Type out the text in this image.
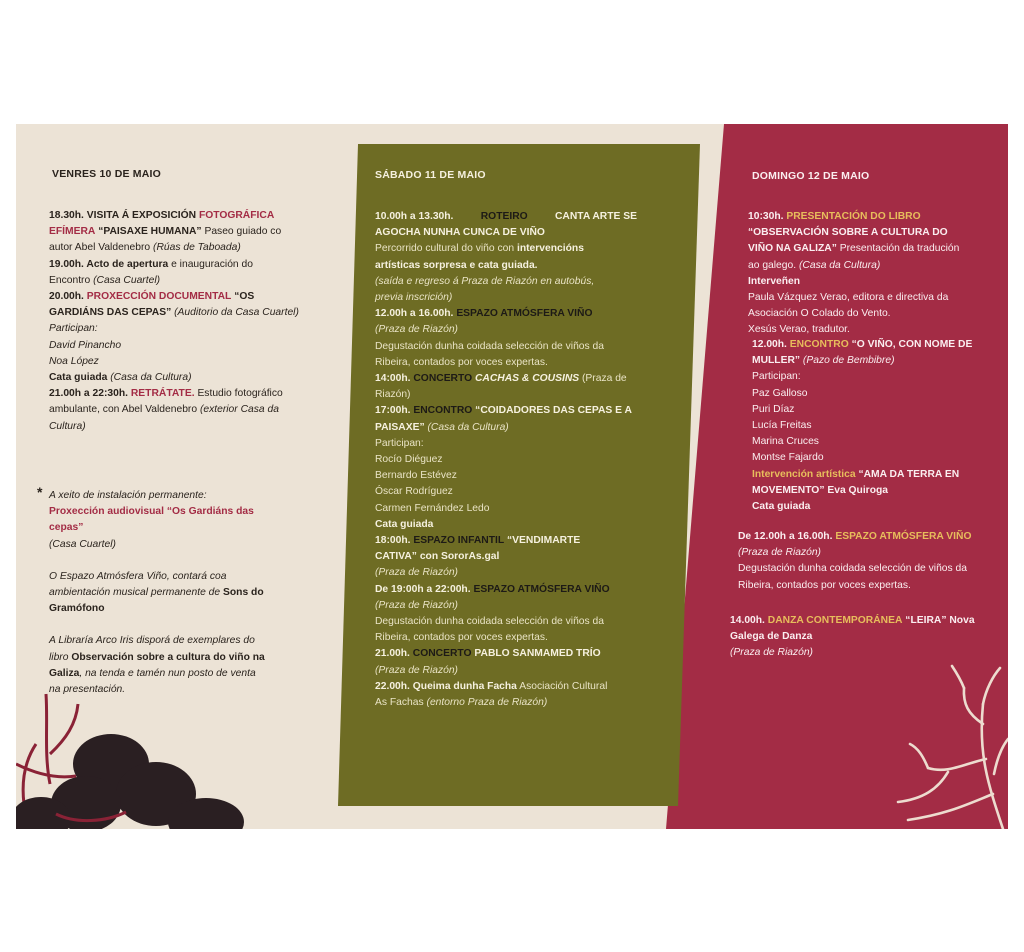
VENRES 10 DE MAIO

18.30h. VISITA Á EXPOSICIÓN FOTOGRÁFICA

EFÍMERA “PAISAXE HUMANA” Paseo guiado co

autor Abel Valdenebro (Rúas de Taboada)

19.00h. Acto de apertura e inauguración do

Encontro (Casa Cuartel)

20.00h. PROXECCIÓN DOCUMENTAL “OS

GARDIÁNS DAS CEPAS” (Auditorio da Casa Cuartel)

Participan:

David Pinancho

Noa López

Cata guiada (Casa da Cultura)

21.00h a 22:30h. RETRÁTATE. Estudio fotográfico

ambulante, con Abel Valdenebro (exterior Casa da

Cultura)

* A xeito de instalación permanente:

Proxección audiovisual “Os Gardiáns das

cepas”

(Casa Cuartel)

O Espazo Atmósfera Viño, contará coa

ambientación musical permanente de Sons do

Gramófono

A Libraría Arco Iris disporá de exemplares do

libro Observación sobre a cultura do viño na

Galiza, na tenda e tamén nun posto de venta

na presentación.

SÁBADO 11 DE MAIO

10.00h a 13.30h.	ROTEIRO	CANTA ARTE SE

AGOCHA NUNHA CUNCA DE VIÑO

Percorrido cultural do viño con intervencións

artísticas sorpresa e cata guiada.

(saída e regreso á Praza de Riazón en autobús,

previa inscrición)

12.00h a 16.00h. ESPAZO ATMÓSFERA VIÑO

(Praza de Riazón)

Degustación dunha coidada selección de viños da

Ribeira, contados por voces expertas.

14:00h. CONCERTO CACHAS & COUSINS (Praza de

Riazón)

17:00h. ENCONTRO “COIDADORES DAS CEPAS E A

PAISAXE” (Casa da Cultura)

Participan:

Rocío Diéguez

Bernardo Estévez

Óscar Rodríguez

Carmen Fernández Ledo

Cata guiada

18:00h. ESPAZO INFANTIL “VENDIMARTE

CATIVA” con SororAs.gal

(Praza de Riazón)

De 19:00h a 22:00h. ESPAZO ATMÓSFERA VIÑO

(Praza de Riazón)

Degustación dunha coidada selección de viños da

Ribeira, contados por voces expertas.

21.00h. CONCERTO PABLO SANMAMED TRÍO

(Praza de Riazón)

22.00h. Queima dunha Facha Asociación Cultural

As Fachas (entorno Praza de Riazón)

DOMINGO 12 DE MAIO

10:30h. PRESENTACIÓN DO LIBRO

“OBSERVACIÓN SOBRE A CULTURA DO

VIÑO NA GALIZA” Presentación da tradución

ao galego. (Casa da Cultura)

Interveñen

Paula Vázquez Verao, editora e directiva da

Asociación O Colado do Vento.

Xesús Verao, tradutor.

12.00h. ENCONTRO “O VIÑO, CON NOME DE

MULLER” (Pazo de Bembibre)

Participan:

Paz Galloso

Puri Díaz

Lucía Freitas

Marina Cruces

Montse Fajardo

Intervención artística “AMA DA TERRA EN

MOVEMENTO” Eva Quiroga

Cata guiada

De 12.00h a 16.00h. ESPAZO ATMÓSFERA VIÑO

(Praza de Riazón)

Degustación dunha coidada selección de viños da

Ribeira, contados por voces expertas.

14.00h. DANZA CONTEMPORÁNEA “LEIRA” Nova

Galega de Danza

(Praza de Riazón)
